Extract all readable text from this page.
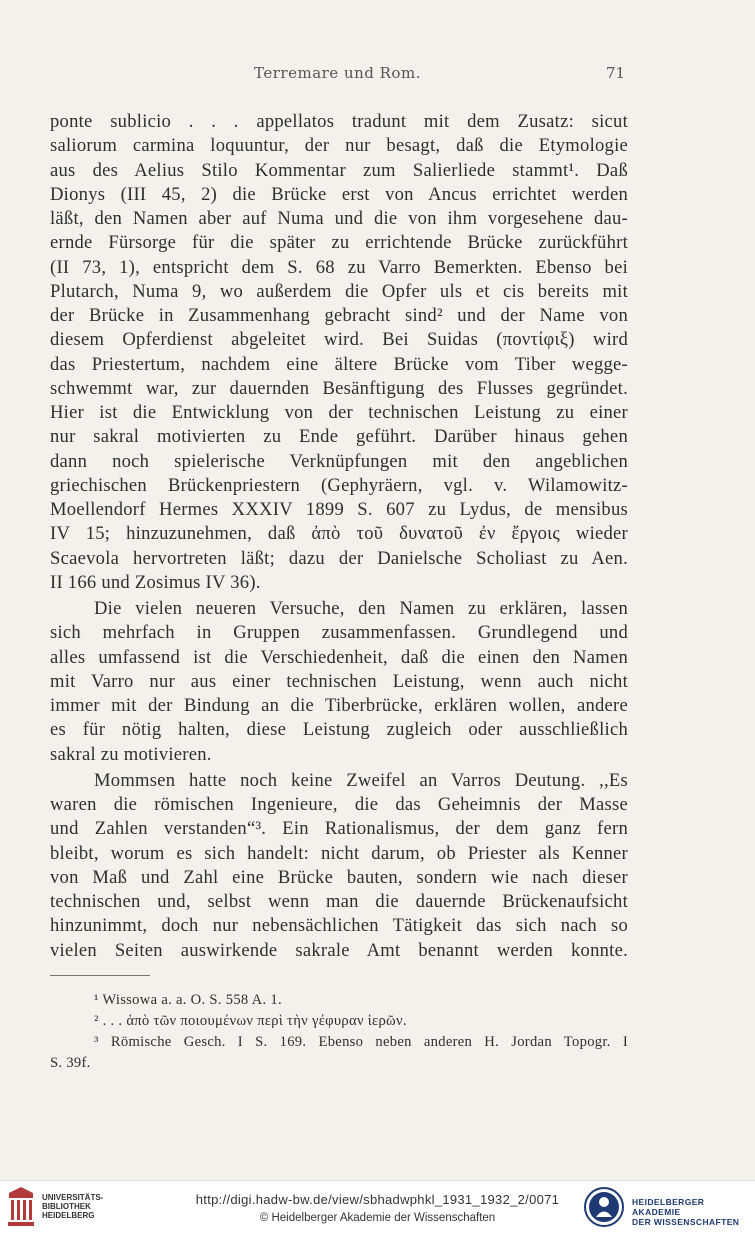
Terremare und Rom.	71
ponte sublicio . . . appellatos tradunt mit dem Zusatz: sicut
saliorum carmina loquuntur, der nur besagt, daß die Etymologie
aus des Aelius Stilo Kommentar zum Salierliede stammt¹. Daß
Dionys (III 45, 2) die Brücke erst von Ancus errichtet werden
läßt, den Namen aber auf Numa und die von ihm vorgesehene dau-
ernde Fürsorge für die später zu errichtende Brücke zurückführt
(II 73, 1), entspricht dem S. 68 zu Varro Bemerkten. Ebenso bei
Plutarch, Numa 9, wo außerdem die Opfer uls et cis bereits mit
der Brücke in Zusammenhang gebracht sind² und der Name von
diesem Opferdienst abgeleitet wird. Bei Suidas (ποντίφιξ) wird
das Priestertum, nachdem eine ältere Brücke vom Tiber wegge-
schwemmt war, zur dauernden Besänftigung des Flusses gegründet.
Hier ist die Entwicklung von der technischen Leistung zu einer
nur sakral motivierten zu Ende geführt. Darüber hinaus gehen
dann noch spielerische Verknüpfungen mit den angeblichen
griechischen Brückenpriestern (Gephyräern, vgl. v. Wilamowitz-
Moellendorf Hermes XXXIV 1899 S. 607 zu Lydus, de mensibus
IV 15; hinzuzunehmen, daß ἀπὸ τοῦ δυνατοῦ ἐν ἔργοις wieder
Scaevola hervortreten läßt; dazu der Danielsche Scholiast zu Aen.
II 166 und Zosimus IV 36).
Die vielen neueren Versuche, den Namen zu erklären, lassen
sich mehrfach in Gruppen zusammenfassen. Grundlegend und
alles umfassend ist die Verschiedenheit, daß die einen den Namen
mit Varro nur aus einer technischen Leistung, wenn auch nicht
immer mit der Bindung an die Tiberbrücke, erklären wollen, andere
es für nötig halten, diese Leistung zugleich oder ausschließlich
sakral zu motivieren.
Mommsen hatte noch keine Zweifel an Varros Deutung. ,,Es
waren die römischen Ingenieure, die das Geheimnis der Masse
und Zahlen verstanden“³. Ein Rationalismus, der dem ganz fern
bleibt, worum es sich handelt: nicht darum, ob Priester als Kenner
von Maß und Zahl eine Brücke bauten, sondern wie nach dieser
technischen und, selbst wenn man die dauernde Brückenaufsicht
hinzunimmt, doch nur nebensächlichen Tätigkeit das sich nach so
vielen Seiten auswirkende sakrale Amt benannt werden konnte.
¹ Wissowa a. a. O. S. 558 A. 1.
² . . . ἀπὸ τῶν ποιουμένων περὶ τὴν γέφυραν ἱερῶν.
³ Römische Gesch. I S. 169. Ebenso neben anderen H. Jordan Topogr. I
S. 39f.
UNIVERSITÄTS-
BIBLIOTHEK
HEIDELBERG
http://digi.hadw-bw.de/view/sbhadwphkl_1931_1932_2/0071
© Heidelberger Akademie der Wissenschaften
HEIDELBERGER AKADEMIE
DER WISSENSCHAFTEN
